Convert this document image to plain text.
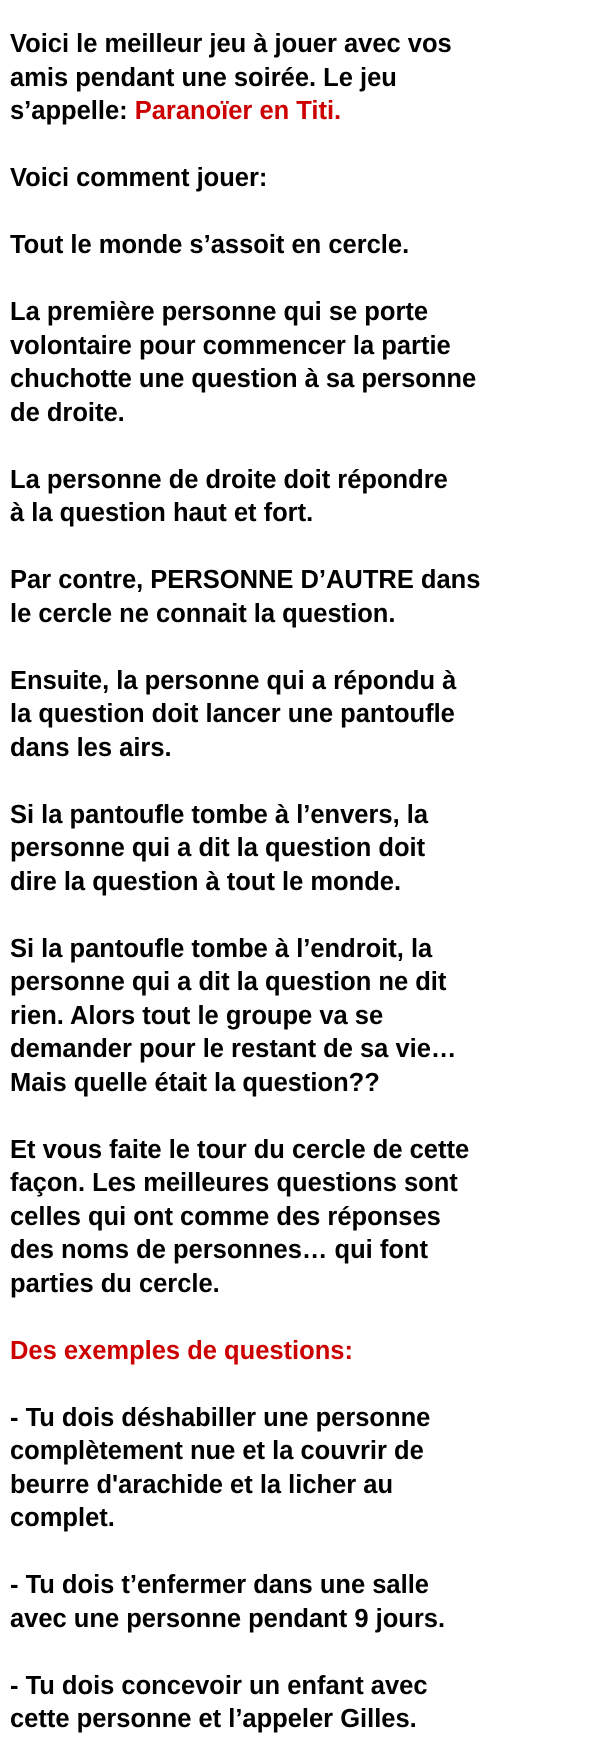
Voici le meilleur jeu à jouer avec vos
amis pendant une soirée. Le jeu
s’appelle: Paranoïer en Titi.

Voici comment jouer:

Tout le monde s’assoit en cercle.

La première personne qui se porte
volontaire pour commencer la partie
chuchotte une question à sa personne
de droite.

La personne de droite doit répondre
à la question haut et fort.

Par contre, PERSONNE D’AUTRE dans
le cercle ne connait la question.

Ensuite, la personne qui a répondu à
la question doit lancer une pantoufle
dans les airs.

Si la pantoufle tombe à l’envers, la
personne qui a dit la question doit
dire la question à tout le monde.

Si la pantoufle tombe à l’endroit, la
personne qui a dit la question ne dit
rien. Alors tout le groupe va se
demander pour le restant de sa vie…
Mais quelle était la question??

Et vous faite le tour du cercle de cette
façon. Les meilleures questions sont
celles qui ont comme des réponses
des noms de personnes… qui font
parties du cercle.

Des exemples de questions:

- Tu dois déshabiller une personne
complètement nue et la couvrir de
beurre d'arachide et la licher au
complet.

- Tu dois t’enfermer dans une salle
avec une personne pendant 9 jours.

- Tu dois concevoir un enfant avec
cette personne et l’appeler Gilles.
